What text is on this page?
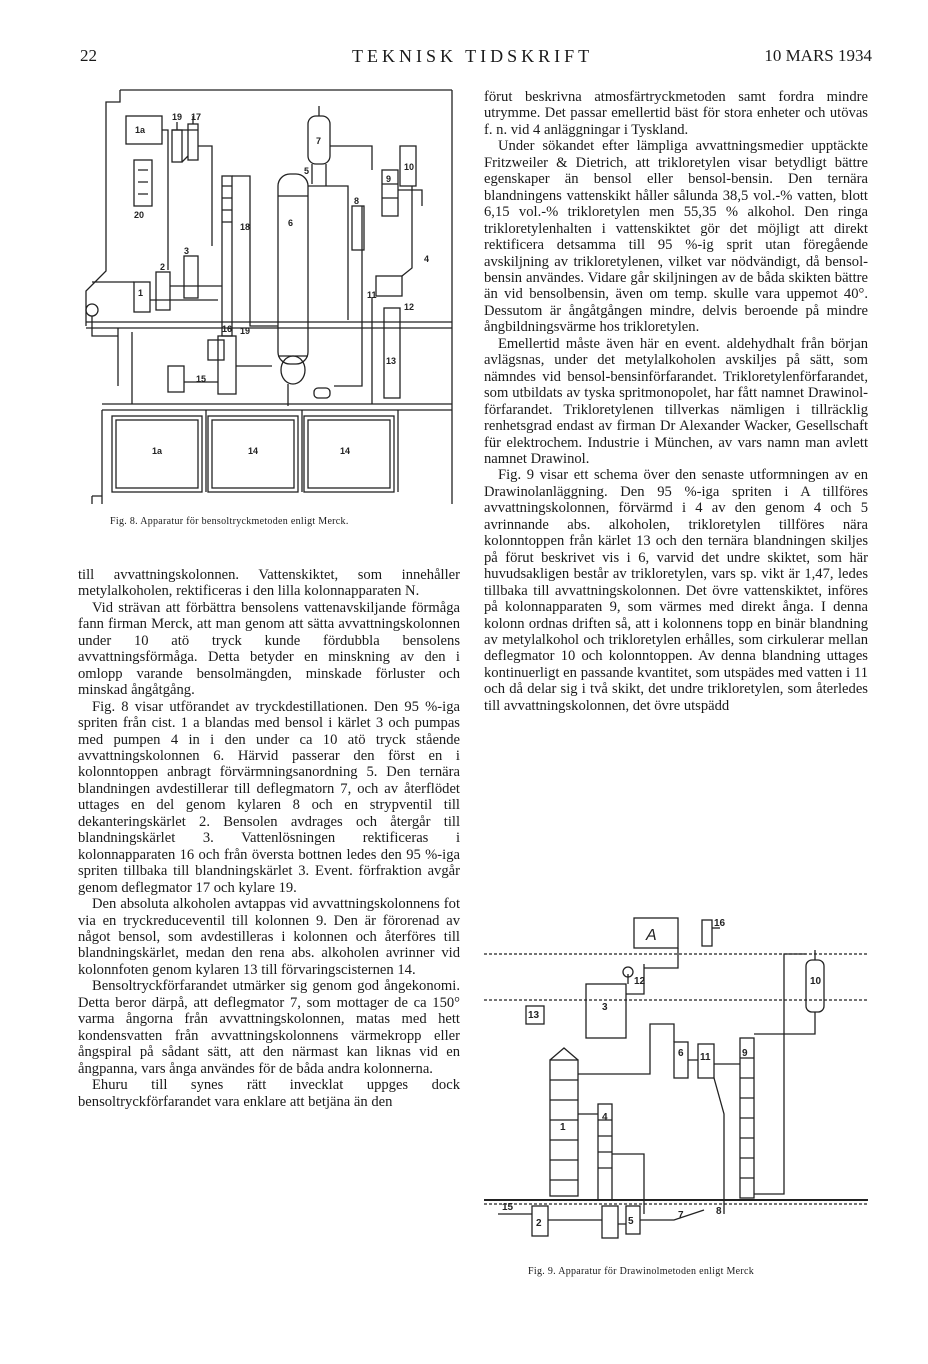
22	TEKNISK TIDSKRIFT	10 MARS 1934
1a
19 17
7
5
6
10
9
18
4
2
3
1
8
11
12
16 19
15
13
1a	14	14
20
Fig. 8. Apparatur för bensoltryckmetoden enligt Merck.

till avvattningskolonnen. Vattenskiktet, som innehåller metylalkoholen, rektificeras i den lilla kolonnapparaten N.

Vid strävan att förbättra bensolens vattenavskiljande förmåga fann firman Merck, att man genom att sätta avvattningskolonnen under 10 atö tryck kunde fördubbla bensolens avvattningsförmåga. Detta betyder en minskning av den i omlopp varande bensolmängden, minskade förluster och minskad ångåtgång.

Fig. 8 visar utförandet av tryckdestillationen. Den 95 %-iga spriten från cist. 1 a blandas med bensol i kärlet 3 och pumpas med pumpen 4 in i den under ca 10 atö tryck stående avvattningskolonnen 6. Härvid passerar den först en i kolonntoppen anbragt förvärmningsanordning 5. Den ternära blandningen avdestillerar till deflegmatorn 7, och av återflödet uttages en del genom kylaren 8 och en strypventil till dekanteringskärlet 2. Bensolen avdrages och återgår till blandningskärlet 3. Vattenlösningen rektificeras i kolonnapparaten 16 och från översta bottnen ledes den 95 %-iga spriten tillbaka till blandningskärlet 3. Event. förfraktion avgår genom deflegmator 17 och kylare 19.

Den absoluta alkoholen avtappas vid avvattningskolonnens fot via en tryckreduceventil till kolonnen 9. Den är förorenad av något bensol, som avdestilleras i kolonnen och återföres till blandningskärlet, medan den rena abs. alkoholen avrinner vid kolonnfoten genom kylaren 13 till förvaringscisternen 14.

Bensoltryckförfarandet utmärker sig genom god ångekonomi. Detta beror därpå, att deflegmator 7, som mottager de ca 150° varma ångorna från avvattningskolonnen, matas med hett kondensvatten från avvattningskolonnens värmekropp eller ångspiral på sådant sätt, att den närmast kan liknas vid en ångpanna, vars ånga användes för de båda andra kolonnerna.

Ehuru till synes rätt invecklat uppges dock bensoltryckförfarandet vara enklare att betjäna än den

förut beskrivna atmosfärtryckmetoden samt fordra mindre utrymme. Det passar emellertid bäst för stora enheter och utövas f. n. vid 4 anläggningar i Tyskland.

Under sökandet efter lämpliga avvattningsmedier upptäckte Fritzweiler & Dietrich, att trikloretylen visar betydligt bättre egenskaper än bensol eller bensol-bensin. Den ternära blandningens vattenskikt håller sålunda 38,5 vol.-% vatten, blott 6,15 vol.-% trikloretylen men 55,35 % alkohol. Den ringa trikloretylenhalten i vattenskiktet gör det möjligt att direkt rektificera detsamma till 95 %-ig sprit utan föregående avskiljning av trikloretylenen, vilket var nödvändigt, då bensol-bensin användes. Vidare går skiljningen av de båda skikten bättre än vid bensolbensin, även om temp. skulle vara uppemot 40°. Dessutom är ångåtgången mindre, delvis beroende på mindre ångbildningsvärme hos trikloretylen.

Emellertid måste även här en event. aldehydhalt från början avlägsnas, under det metylalkoholen avskiljes på sätt, som nämndes vid bensol-bensinförfarandet. Trikloretylenförfarandet, som utbildats av tyska spritmonopolet, har fått namnet Drawinol-förfarandet. Trikloretylenen tillverkas nämligen i tillräcklig renhetsgrad endast av firman Dr Alexander Wacker, Gesellschaft für elektrochem. Industrie i München, av vars namn man avlett namnet Drawinol.

Fig. 9 visar ett schema över den senaste utformningen av en Drawinolanläggning. Den 95 %-iga spriten i A tillföres avvattningskolonnen, förvärmd i 4 av den genom 4 och 5 avrinnande abs. alkoholen, trikloretylen tillföres nära kolonntoppen från kärlet 13 och den ternära blandningen skiljes på förut beskrivet vis i 6, varvid det undre skiktet, som här huvudsakligen består av trikloretylen, vars sp. vikt är 1,47, ledes tillbaka till avvattningskolonnen. Det övre vattenskiktet, införes på kolonnapparaten 9, som värmes med direkt ånga. I denna kolonn ordnas driften så, att i kolonnens topp en binär blandning av metylalkohol och trikloretylen erhålles, som cirkulerar mellan deflegmator 10 och kolonntoppen. Av denna blandning uttages kontinuerligt en passande kvantitet, som utspädes med vatten i 11 och då delar sig i två skikt, det undre trikloretylen, som återledes till avvattningskolonnen, det övre utspädd

A
16
12
3
13
10
11	9
1
2
4
5
6
7	8
15
Fig. 9. Apparatur för Drawinolmetoden enligt Merck
